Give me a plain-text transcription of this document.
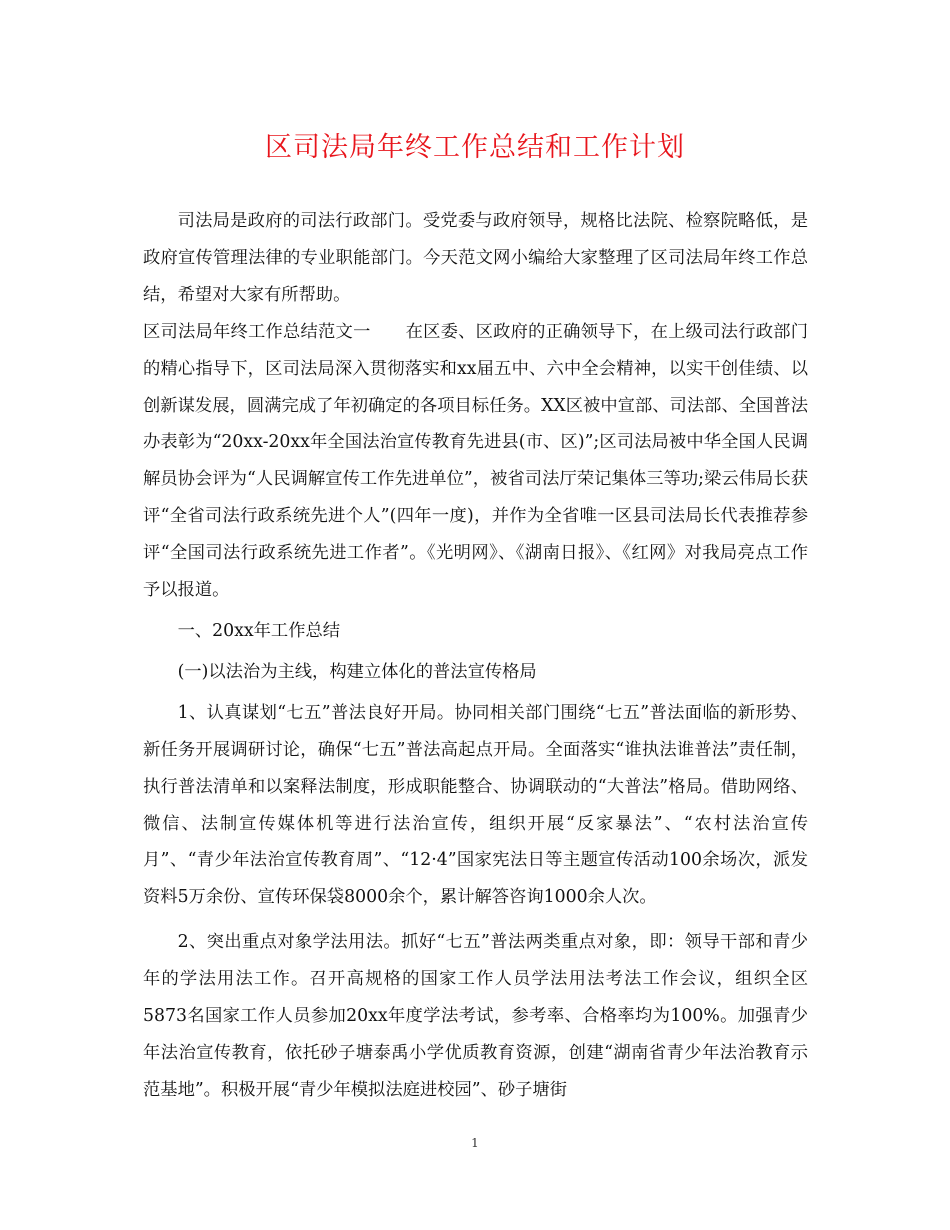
区司法局年终工作总结和工作计划

司法局是政府的司法行政部门。受党委与政府领导，规格比法院、检察院略低，是政府宣传管理法律的专业职能部门。今天范文网小编给大家整理了区司法局年终工作总结，希望对大家有所帮助。

区司法局年终工作总结范文一　　在区委、区政府的正确领导下，在上级司法行政部门的精心指导下，区司法局深入贯彻落实和xx届五中、六中全会精神，以实干创佳绩、以创新谋发展，圆满完成了年初确定的各项目标任务。XX区被中宣部、司法部、全国普法办表彰为“20xx-20xx年全国法治宣传教育先进县(市、区)”;区司法局被中华全国人民调解员协会评为“人民调解宣传工作先进单位”，被省司法厅荣记集体三等功;梁云伟局长获评“全省司法行政系统先进个人”(四年一度)，并作为全省唯一区县司法局长代表推荐参评“全国司法行政系统先进工作者”。《光明网》、《湖南日报》、《红网》对我局亮点工作予以报道。

一、20xx年工作总结

(一)以法治为主线，构建立体化的普法宣传格局

1、认真谋划“七五”普法良好开局。协同相关部门围绕“七五”普法面临的新形势、新任务开展调研讨论，确保“七五”普法高起点开局。全面落实“谁执法谁普法”责任制，执行普法清单和以案释法制度，形成职能整合、协调联动的“大普法”格局。借助网络、微信、法制宣传媒体机等进行法治宣传，组织开展“反家暴法”、“农村法治宣传月”、“青少年法治宣传教育周”、“12·4”国家宪法日等主题宣传活动100余场次，派发资料5万余份、宣传环保袋8000余个，累计解答咨询1000余人次。

2、突出重点对象学法用法。抓好“七五”普法两类重点对象，即：领导干部和青少年的学法用法工作。召开高规格的国家工作人员学法用法考法工作会议，组织全区5873名国家工作人员参加20xx年度学法考试，参考率、合格率均为100%。加强青少年法治宣传教育，依托砂子塘泰禹小学优质教育资源，创建“湖南省青少年法治教育示范基地”。积极开展“青少年模拟法庭进校园”、砂子塘街

1
